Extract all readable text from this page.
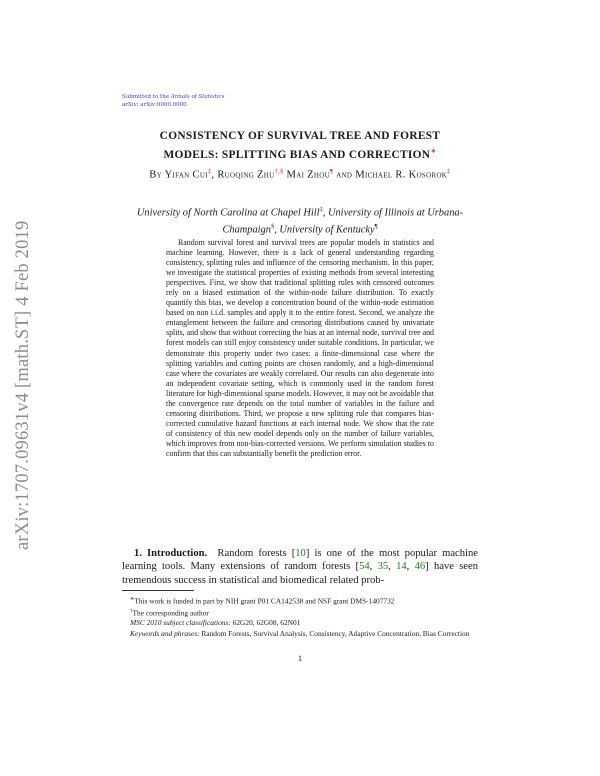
Submitted to the Annals of Statistics
arXiv: arXiv:0000.0000
arXiv:1707.09631v4 [math.ST] 4 Feb 2019
CONSISTENCY OF SURVIVAL TREE AND FOREST
MODELS: SPLITTING BIAS AND CORRECTION∗
By Yifan Cui‡, Ruoqing Zhu†,§ Mai Zhou¶ and Michael R. Kosorok‡
University of North Carolina at Chapel Hill‡, University of Illinois at Urbana-Champaign§, University of Kentucky¶

Random survival forest and survival trees are popular models in statistics and machine learning. However, there is a lack of general understanding regarding consistency, splitting rules and influence of the censoring mechanism. In this paper, we investigate the statistical properties of existing methods from several interesting perspectives. First, we show that traditional splitting rules with censored outcomes rely on a biased estimation of the within-node failure distribution. To exactly quantify this bias, we develop a concentration bound of the within-node estimation based on non i.i.d. samples and apply it to the entire forest. Second, we analyze the entanglement between the failure and censoring distributions caused by univariate splits, and show that without correcting the bias at an internal node, survival tree and forest models can still enjoy consistency under suitable conditions. In particular, we demonstrate this property under two cases: a finite-dimensional case where the splitting variables and cutting points are chosen randomly, and a high-dimensional case where the covariates are weakly correlated. Our results can also degenerate into an independent covariate setting, which is commonly used in the random forest literature for high-dimensional sparse models. However, it may not be avoidable that the convergence rate depends on the total number of variables in the failure and censoring distributions. Third, we propose a new splitting rule that compares bias-corrected cumulative hazard functions at each internal node. We show that the rate of consistency of this new model depends only on the number of failure variables, which improves from non-bias-corrected versions. We perform simulation studies to confirm that this can substantially benefit the prediction error.

1. Introduction. Random forests [10] is one of the most popular machine learning tools. Many extensions of random forests [54, 35, 14, 46] have seen tremendous success in statistical and biomedical related prob-

∗This work is funded in part by NIH grant P01 CA142538 and NSF grant DMS-1407732

†The corresponding author

MSC 2010 subject classifications: 62G20, 62G08, 62N01

Keywords and phrases: Random Forests, Survival Analysis, Consistency, Adaptive Concentration, Bias Correction

1
